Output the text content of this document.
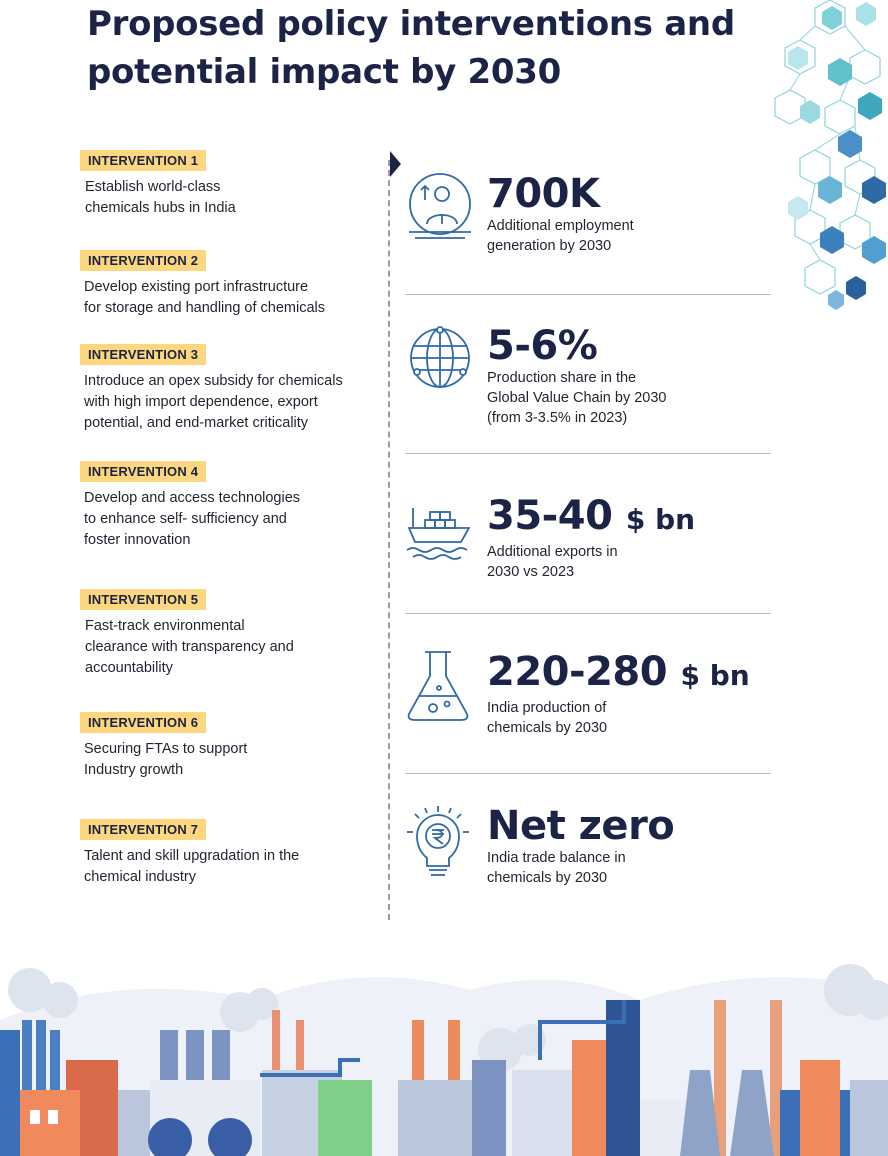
Proposed policy interventions and
potential impact by 2030
INTERVENTION 1
Establish world-class
chemicals hubs in India
INTERVENTION 2
Develop existing port infrastructure
for storage and handling of chemicals
INTERVENTION 3
Introduce an opex subsidy for chemicals
with high import dependence, export
potential, and end-market criticality
INTERVENTION 4
Develop and access technologies
to enhance self- sufficiency and
foster innovation
INTERVENTION 5
Fast-track environmental
clearance with transparency and
accountability
INTERVENTION 6
Securing FTAs to support
Industry growth
INTERVENTION 7
Talent and skill upgradation in the
chemical industry
700K
Additional employment
generation by 2030
5-6%
Production share in the
Global Value Chain by 2030
(from 3-3.5% in 2023)
35-40 $ bn
Additional exports in
2030 vs 2023
220-280 $ bn
India production of
chemicals by 2030
Net zero
India trade balance in
chemicals by 2030
